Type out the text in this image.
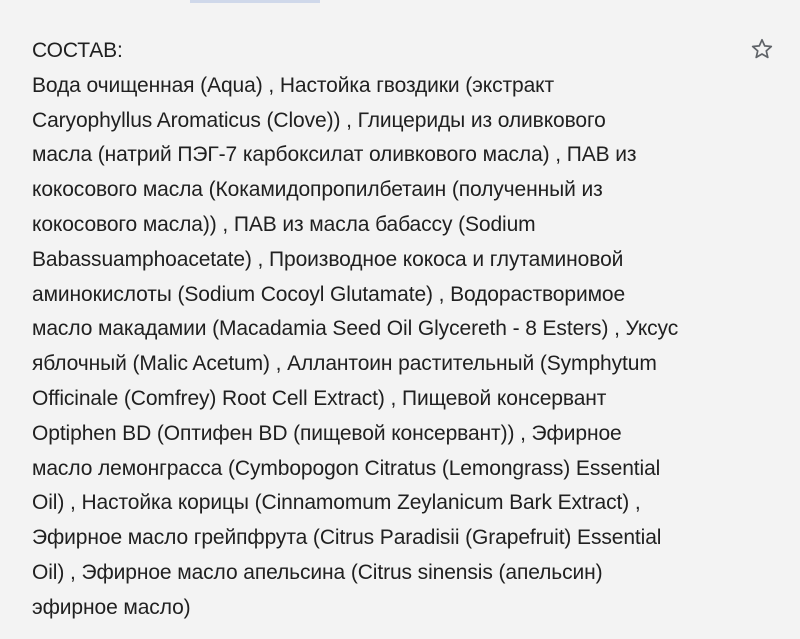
СОСТАВ:
Вода очищенная (Aqua) , Настойка гвоздики (экстракт
Caryophyllus Aromaticus (Clove)) , Глицериды из оливкового
масла (натрий ПЭГ-7 карбоксилат оливкового масла) , ПАВ из
кокосового масла (Кокамидопропилбетаин (полученный из
кокосового масла)) , ПАВ из масла бабассу (Sodium
Babassuamphoacetate) , Производное кокоса и глутаминовой
аминокислоты (Sodium Cocoyl Glutamate) , Водорастворимое
масло макадамии (Macadamia Seed Oil Glycereth - 8 Esters) , Уксус
яблочный (Malic Acetum) , Аллантоин растительный (Symphytum
Officinale (Comfrey) Root Cell Extract) , Пищевой консервант
Optiphen BD (Оптифен BD (пищевой консервант)) , Эфирное
масло лемонграсса (Cymbopogon Citratus (Lemongrass) Essential
Oil) , Настойка корицы (Cinnamomum Zeylanicum Bark Extract) ,
Эфирное масло грейпфрута (Citrus Paradisii (Grapefruit) Essential
Oil) , Эфирное масло апельсина (Citrus sinensis (апельсин)
эфирное масло)
